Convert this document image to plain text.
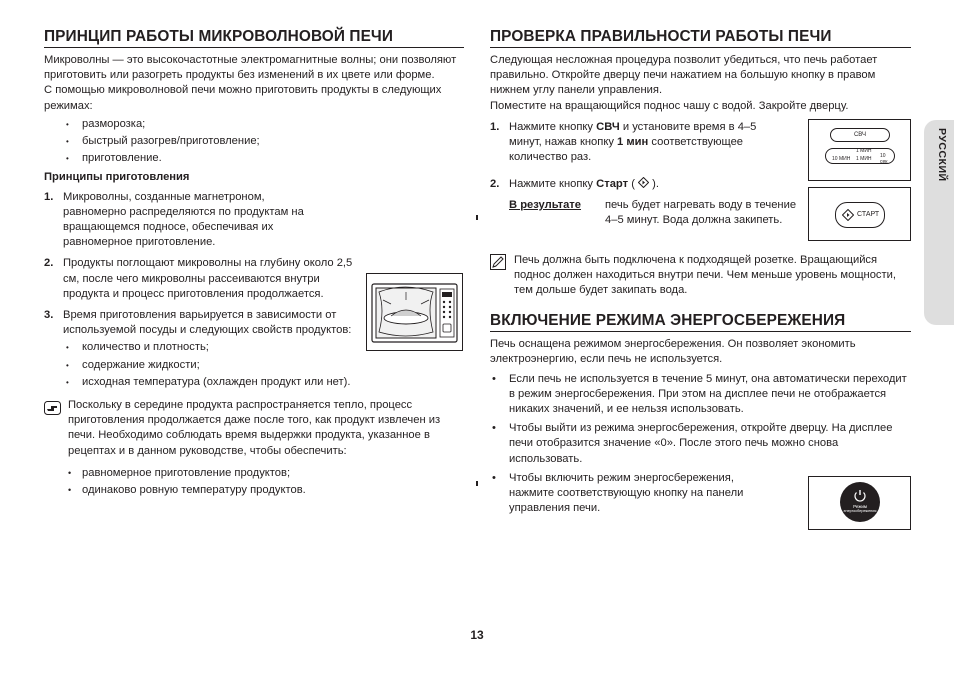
ПРИНЦИП РАБОТЫ МИКРОВОЛНОВОЙ ПЕЧИ

Микроволны — это высокочастотные электромагнитные волны; они позволяют приготовить или разогреть продукты без изменений в их цвете или форме.

С помощью микроволновой печи можно приготовить продукты в следующих режимах:

• разморозка;
• быстрый разогрев/приготовление;
• приготовление.

Принципы приготовления

1. Микроволны, созданные магнетроном, равномерно распределяются по продуктам на вращающемся подносе, обеспечивая их равномерное приготовление.
2. Продукты поглощают микроволны на глубину около 2,5 см, после чего микроволны рассеиваются внутри продукта и процесс приготовления продолжается.
3. Время приготовления варьируется в зависимости от используемой посуды и следующих свойств продуктов:
• количество и плотность;
• содержание жидкости;
• исходная температура (охлажден продукт или нет).

Поскольку в середине продукта распространяется тепло, процесс приготовления продолжается даже после того, как продукт извлечен из печи. Необходимо соблюдать время выдержки продукта, указанное в рецептах и в данном руководстве, чтобы обеспечить:

• равномерное приготовление продуктов;
• одинаково ровную температуру продуктов.
ПРОВЕРКА ПРАВИЛЬНОСТИ РАБОТЫ ПЕЧИ

Следующая несложная процедура позволит убедиться, что печь работает правильно. Откройте дверцу печи нажатием на большую кнопку в правом нижнем углу панели управления.

Поместите на вращающийся поднос чашу с водой. Закройте дверцу.

1. Нажмите кнопку СВЧ и установите время в 4–5 минут, нажав кнопку 1 мин соответствующее количество раз.
2. Нажмите кнопку Старт (  ).
В результате печь будет нагревать воду в течение 4–5 минут. Вода должна закипеть.

Печь должна быть подключена к подходящей розетке. Вращающийся поднос должен находиться внутри печи. Чем меньше уровень мощности, тем дольше будет закипать вода.

ВКЛЮЧЕНИЕ РЕЖИМА ЭНЕРГОСБЕРЕЖЕНИЯ

Печь оснащена режимом энергосбережения. Он позволяет экономить электроэнергию, если печь не используется.

• Если печь не используется в течение 5 минут, она автоматически переходит в режим энергосбережения. При этом на дисплее печи не отображается никаких значений, и ее нельзя использовать.
• Чтобы выйти из режима энергосбережения, откройте дверцу. На дисплее печи отобразится значение «0». После этого печь можно снова использовать.
• Чтобы включить режим энергосбережения, нажмите соответствующую кнопку на панели управления печи.
СВЧ
1 МИН
10 МИН 1 МИН 10 сек
СТАРТ
Режим
энергосбережения
РУССКИЙ
13
